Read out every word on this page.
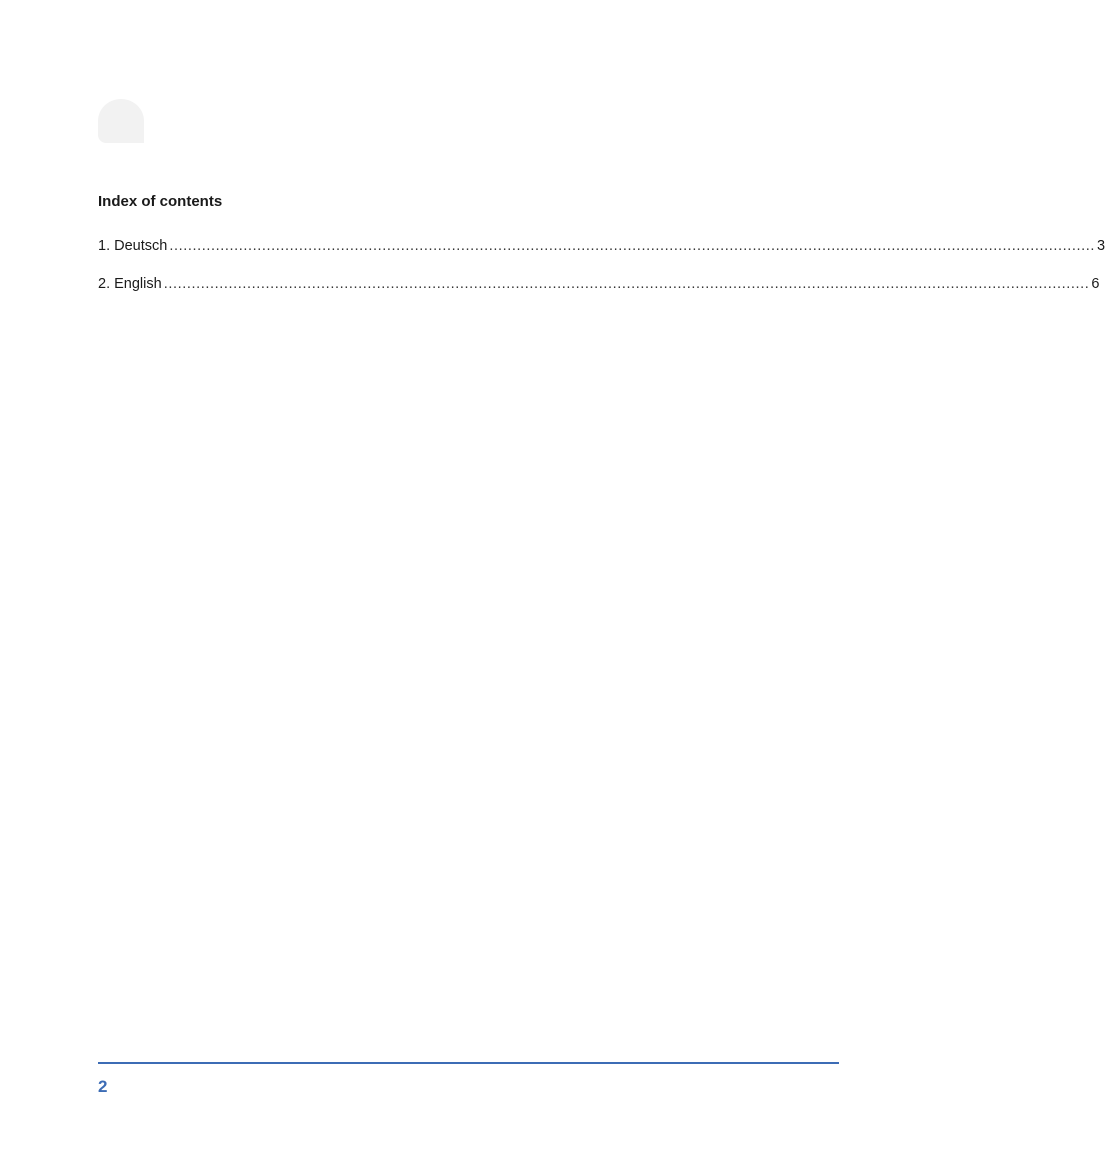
Index of contents
1. Deutsch ........................................................................................................................................................................................................ 3
2. English ........................................................................................................................................................................................................ 6
2
